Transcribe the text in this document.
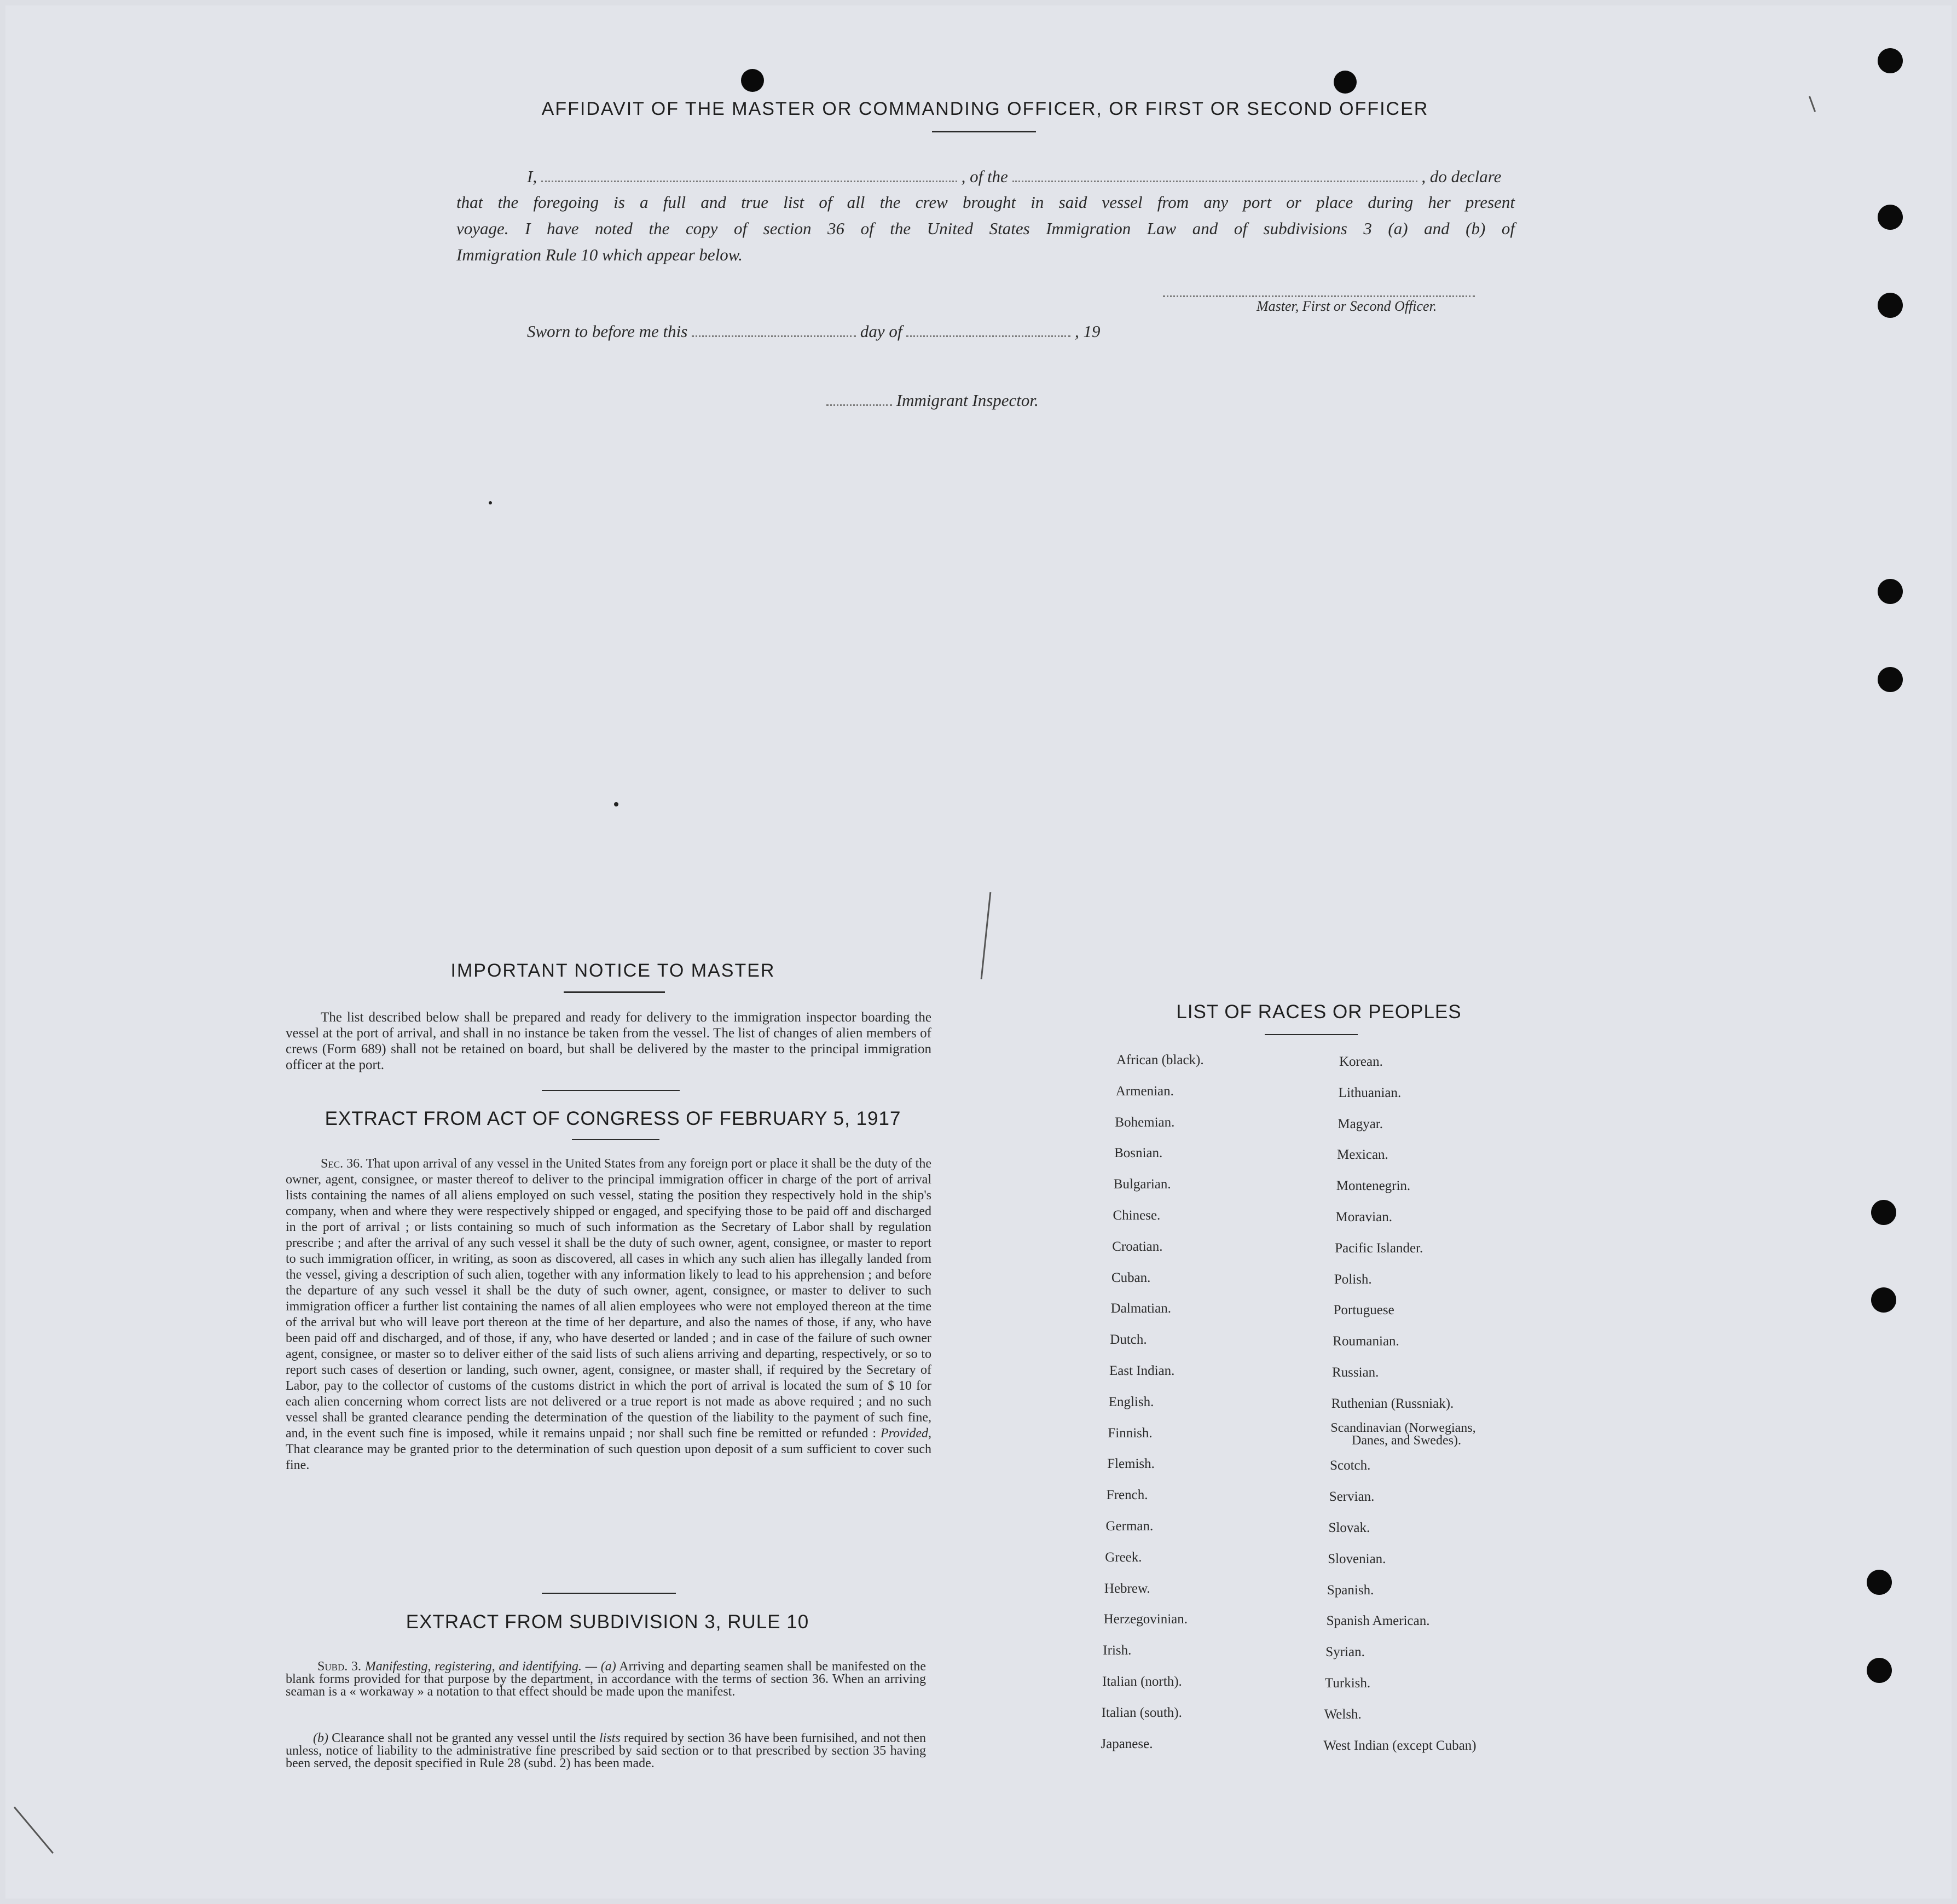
AFFIDAVIT OF THE MASTER OR COMMANDING OFFICER, OR FIRST OR SECOND OFFICER
I,	, of the	, do declare
that the foregoing is a full and true list of all the crew brought in said vessel from any port or place during her present
voyage. I have noted the copy of section 36 of the United States Immigration Law and of subdivisions 3 (a) and (b) of
Immigration Rule 10 which appear below.
Master, First or Second Officer.
Sworn to before me this	day of	, 19
Immigrant Inspector.
IMPORTANT NOTICE TO MASTER
The list described below shall be prepared and ready for delivery to the immigration inspector boarding the vessel at the port of arrival, and shall in no instance be taken from the vessel. The list of changes of alien members of crews (Form 689) shall not be retained on board, but shall be delivered by the master to the principal immigration officer at the port.
EXTRACT FROM ACT OF CONGRESS OF FEBRUARY 5, 1917
Sec. 36. That upon arrival of any vessel in the United States from any foreign port or place it shall be the duty of the owner, agent, consignee, or master thereof to deliver to the principal immigration officer in charge of the port of arrival lists containing the names of all aliens employed on such vessel, stating the position they respectively hold in the ship's company, when and where they were respectively shipped or engaged, and specifying those to be paid off and discharged in the port of arrival ; or lists containing so much of such information as the Secretary of Labor shall by regulation prescribe ; and after the arrival of any such vessel it shall be the duty of such owner, agent, consignee, or master to report to such immigration officer, in writing, as soon as discovered, all cases in which any such alien has illegally landed from the vessel, giving a description of such alien, together with any information likely to lead to his apprehension ; and before the departure of any such vessel it shall be the duty of such owner, agent, consignee, or master to deliver to such immigration officer a further list containing the names of all alien employees who were not employed thereon at the time of the arrival but who will leave port thereon at the time of her departure, and also the names of those, if any, who have been paid off and discharged, and of those, if any, who have deserted or landed ; and in case of the failure of such owner agent, consignee, or master so to deliver either of the said lists of such aliens arriving and departing, respectively, or so to report such cases of desertion or landing, such owner, agent, consignee, or master shall, if required by the Secretary of Labor, pay to the collector of customs of the customs district in which the port of arrival is located the sum of $ 10 for each alien concerning whom correct lists are not delivered or a true report is not made as above required ; and no such vessel shall be granted clearance pending the determination of the question of the liability to the payment of such fine, and, in the event such fine is imposed, while it remains unpaid ; nor shall such fine be remitted or refunded : Provided, That clearance may be granted prior to the determination of such question upon deposit of a sum sufficient to cover such fine.
EXTRACT FROM SUBDIVISION 3, RULE 10
Subd. 3. Manifesting, registering, and identifying. — (a) Arriving and departing seamen shall be manifested on the blank forms provided for that purpose by the department, in accordance with the terms of section 36. When an arriving seaman is a « workaway » a notation to that effect should be made upon the manifest.
(b) Clearance shall not be granted any vessel until the lists required by section 36 have been furnisihed, and not then unless, notice of liability to the administrative fine prescribed by said section or to that prescribed by section 35 having been served, the deposit specified in Rule 28 (subd. 2) has been made.
LIST OF RACES OR PEOPLES
African (black).
Armenian.
Bohemian.
Bosnian.
Bulgarian.
Chinese.
Croatian.
Cuban.
Dalmatian.
Dutch.
East Indian.
English.
Finnish.
Flemish.
French.
German.
Greek.
Hebrew.
Herzegovinian.
Irish.
Italian (north).
Italian (south).
Japanese.
Korean.
Lithuanian.
Magyar.
Mexican.
Montenegrin.
Moravian.
Pacific Islander.
Polish.
Portuguese
Roumanian.
Russian.
Ruthenian (Russniak).
Scandinavian (Norwegians,
Scotch.
Servian.
Slovak.
Slovenian.
Spanish.
Spanish American.
Syrian.
Turkish.
Welsh.
West Indian (except Cuban)
Danes, and Swedes).
